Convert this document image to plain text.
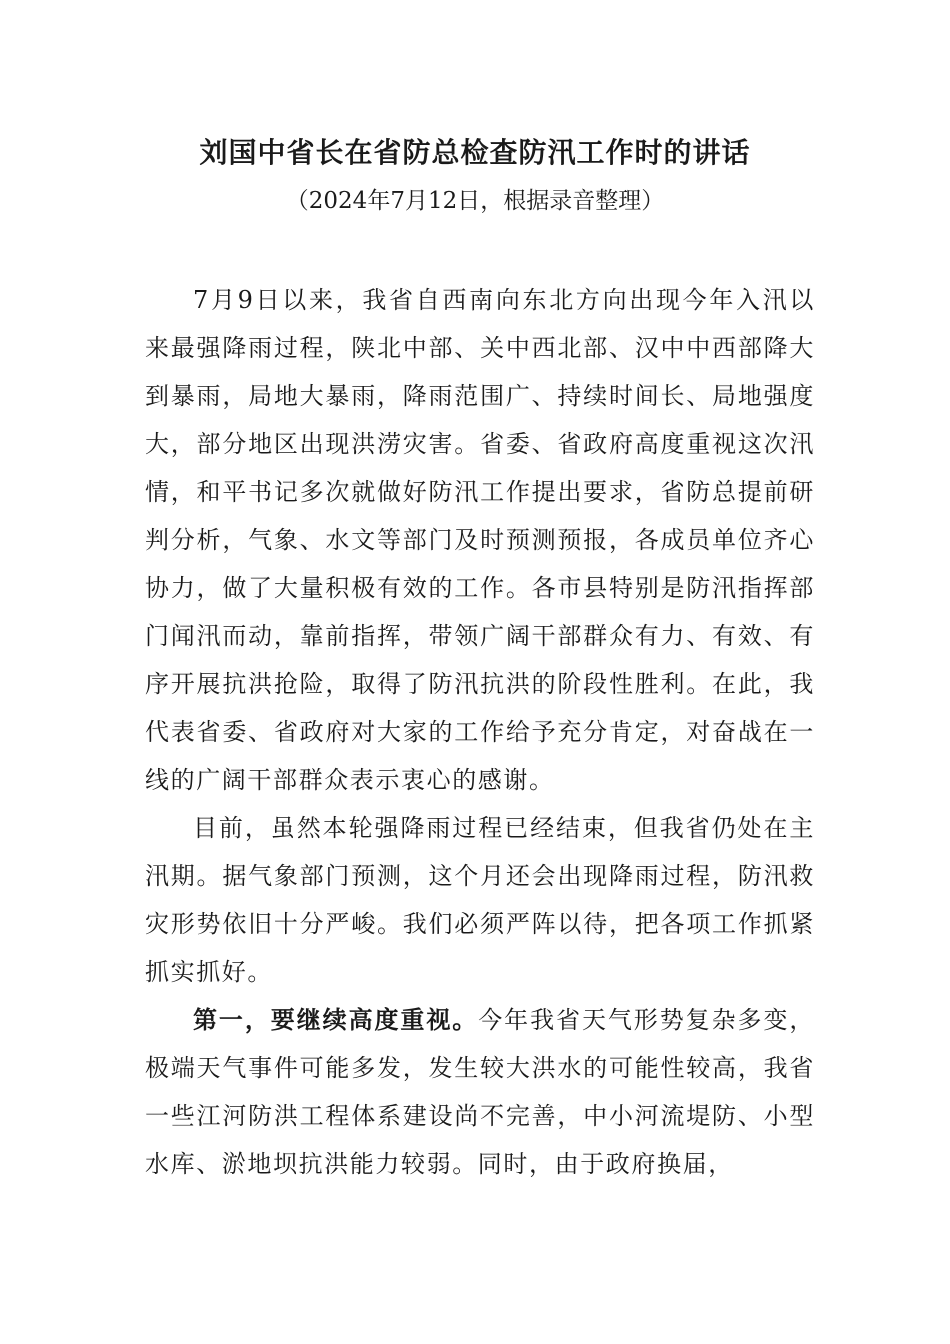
刘国中省长在省防总检查防汛工作时的讲话
（2024年7月12日，根据录音整理）

7月9日以来，我省自西南向东北方向出现今年入汛以来最强降雨过程，陕北中部、关中西北部、汉中中西部降大到暴雨，局地大暴雨，降雨范围广、持续时间长、局地强度大，部分地区出现洪涝灾害。省委、省政府高度重视这次汛情，和平书记多次就做好防汛工作提出要求，省防总提前研判分析，气象、水文等部门及时预测预报，各成员单位齐心协力，做了大量积极有效的工作。各市县特别是防汛指挥部门闻汛而动，靠前指挥，带领广阔干部群众有力、有效、有序开展抗洪抢险，取得了防汛抗洪的阶段性胜利。在此，我代表省委、省政府对大家的工作给予充分肯定，对奋战在一线的广阔干部群众表示衷心的感谢。

目前，虽然本轮强降雨过程已经结束，但我省仍处在主汛期。据气象部门预测，这个月还会出现降雨过程，防汛救灾形势依旧十分严峻。我们必须严阵以待，把各项工作抓紧抓实抓好。

第一，要继续高度重视。今年我省天气形势复杂多变，极端天气事件可能多发，发生较大洪水的可能性较高，我省一些江河防洪工程体系建设尚不完善，中小河流堤防、小型水库、淤地坝抗洪能力较弱。同时，由于政府换届，
